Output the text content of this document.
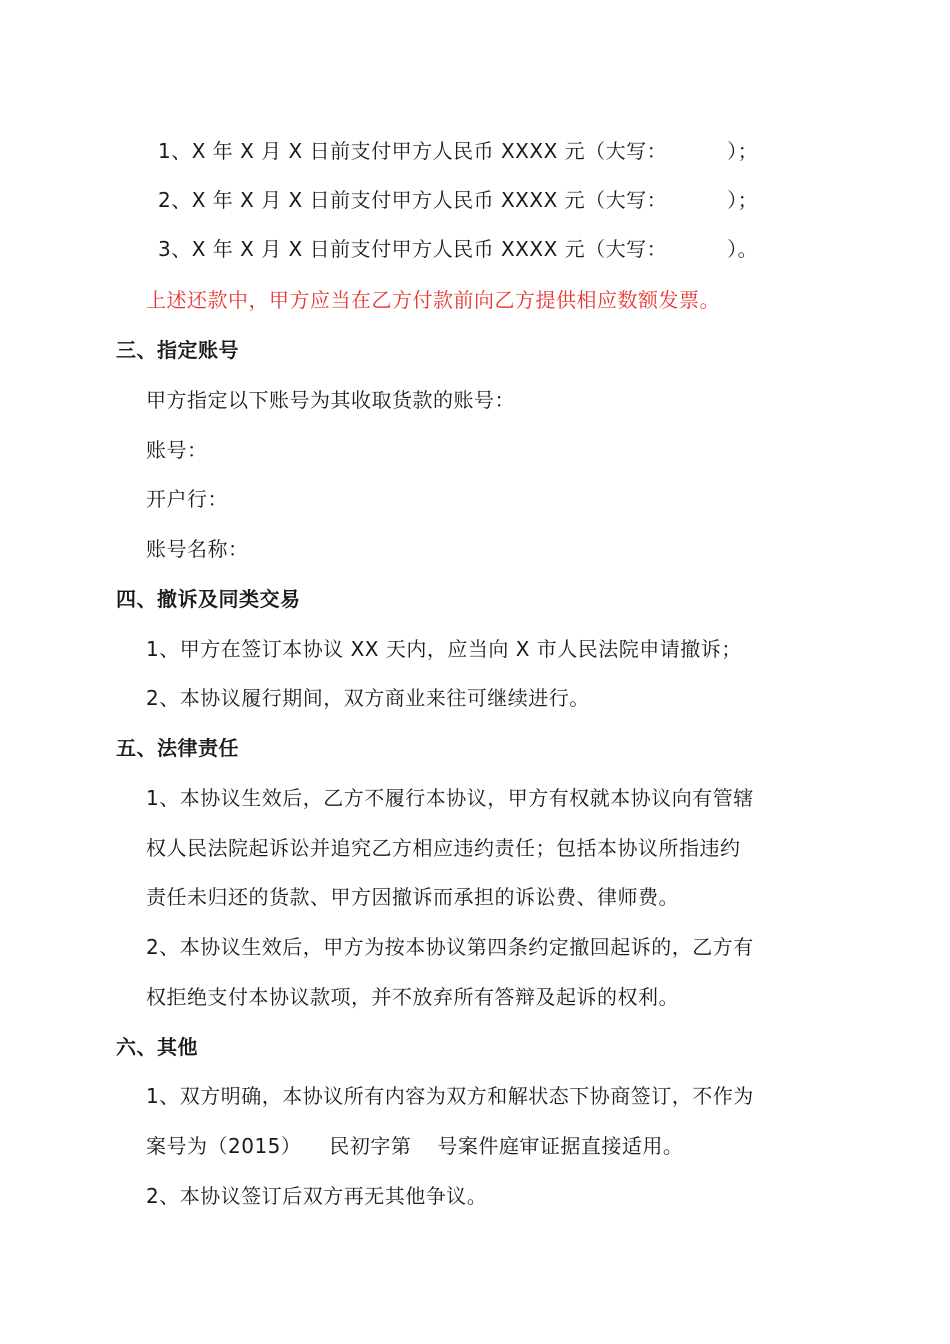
1、X 年 X 月 X 日前支付甲方人民币 XXXX 元（大写：	）；
2、X 年 X 月 X 日前支付甲方人民币 XXXX 元（大写：	）；
3、X 年 X 月 X 日前支付甲方人民币 XXXX 元（大写：	）。
上述还款中，甲方应当在乙方付款前向乙方提供相应数额发票。
三、指定账号
甲方指定以下账号为其收取货款的账号：
账号：
开户行：
账号名称：
四、撤诉及同类交易
1、甲方在签订本协议 XX 天内，应当向 X 市人民法院申请撤诉；
2、本协议履行期间，双方商业来往可继续进行。
五、法律责任
1、本协议生效后，乙方不履行本协议，甲方有权就本协议向有管辖
权人民法院起诉讼并追究乙方相应违约责任；包括本协议所指违约
责任未归还的货款、甲方因撤诉而承担的诉讼费、律师费。
2、本协议生效后，甲方为按本协议第四条约定撤回起诉的，乙方有
权拒绝支付本协议款项，并不放弃所有答辩及起诉的权利。
六、其他
1、双方明确，本协议所有内容为双方和解状态下协商签订，不作为
案号为（2015） 民初字第 号案件庭审证据直接适用。
2、本协议签订后双方再无其他争议。
